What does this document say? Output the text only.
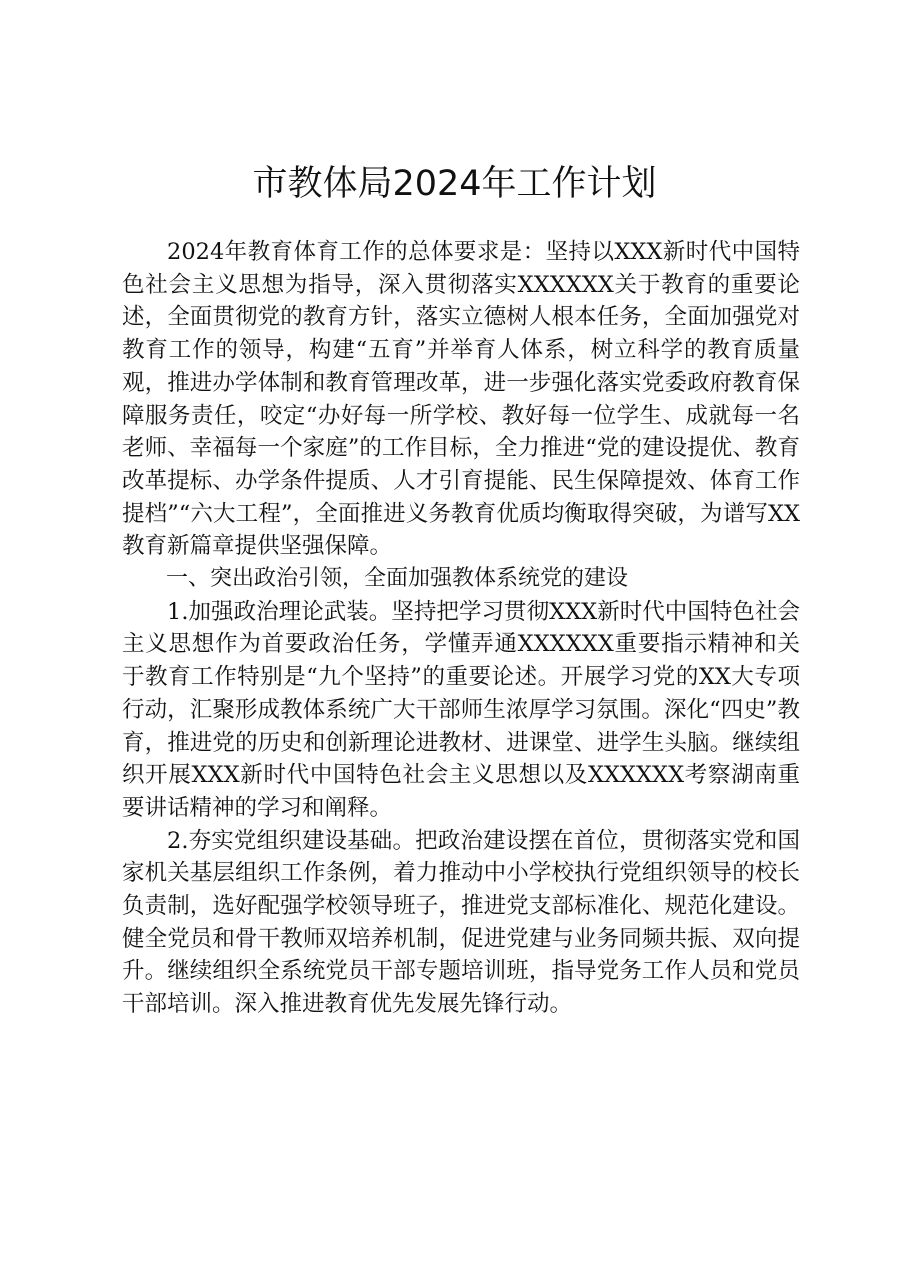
市教体局2024年工作计划

2024年教育体育工作的总体要求是：坚持以XXX新时代中国特色社会主义思想为指导，深入贯彻落实XXXXXX关于教育的重要论述，全面贯彻党的教育方针，落实立德树人根本任务，全面加强党对教育工作的领导，构建“五育”并举育人体系，树立科学的教育质量观，推进办学体制和教育管理改革，进一步强化落实党委政府教育保障服务责任，咬定“办好每一所学校、教好每一位学生、成就每一名老师、幸福每一个家庭”的工作目标，全力推进“党的建设提优、教育改革提标、办学条件提质、人才引育提能、民生保障提效、体育工作提档”“六大工程”，全面推进义务教育优质均衡取得突破，为谱写XX教育新篇章提供坚强保障。

一、突出政治引领，全面加强教体系统党的建设

1.加强政治理论武装。坚持把学习贯彻XXX新时代中国特色社会主义思想作为首要政治任务，学懂弄通XXXXXX重要指示精神和关于教育工作特别是“九个坚持”的重要论述。开展学习党的XX大专项行动，汇聚形成教体系统广大干部师生浓厚学习氛围。深化“四史”教育，推进党的历史和创新理论进教材、进课堂、进学生头脑。继续组织开展XXX新时代中国特色社会主义思想以及XXXXXX考察湖南重要讲话精神的学习和阐释。

2.夯实党组织建设基础。把政治建设摆在首位，贯彻落实党和国家机关基层组织工作条例，着力推动中小学校执行党组织领导的校长负责制，选好配强学校领导班子，推进党支部标准化、规范化建设。健全党员和骨干教师双培养机制，促进党建与业务同频共振、双向提升。继续组织全系统党员干部专题培训班，指导党务工作人员和党员干部培训。深入推进教育优先发展先锋行动。
